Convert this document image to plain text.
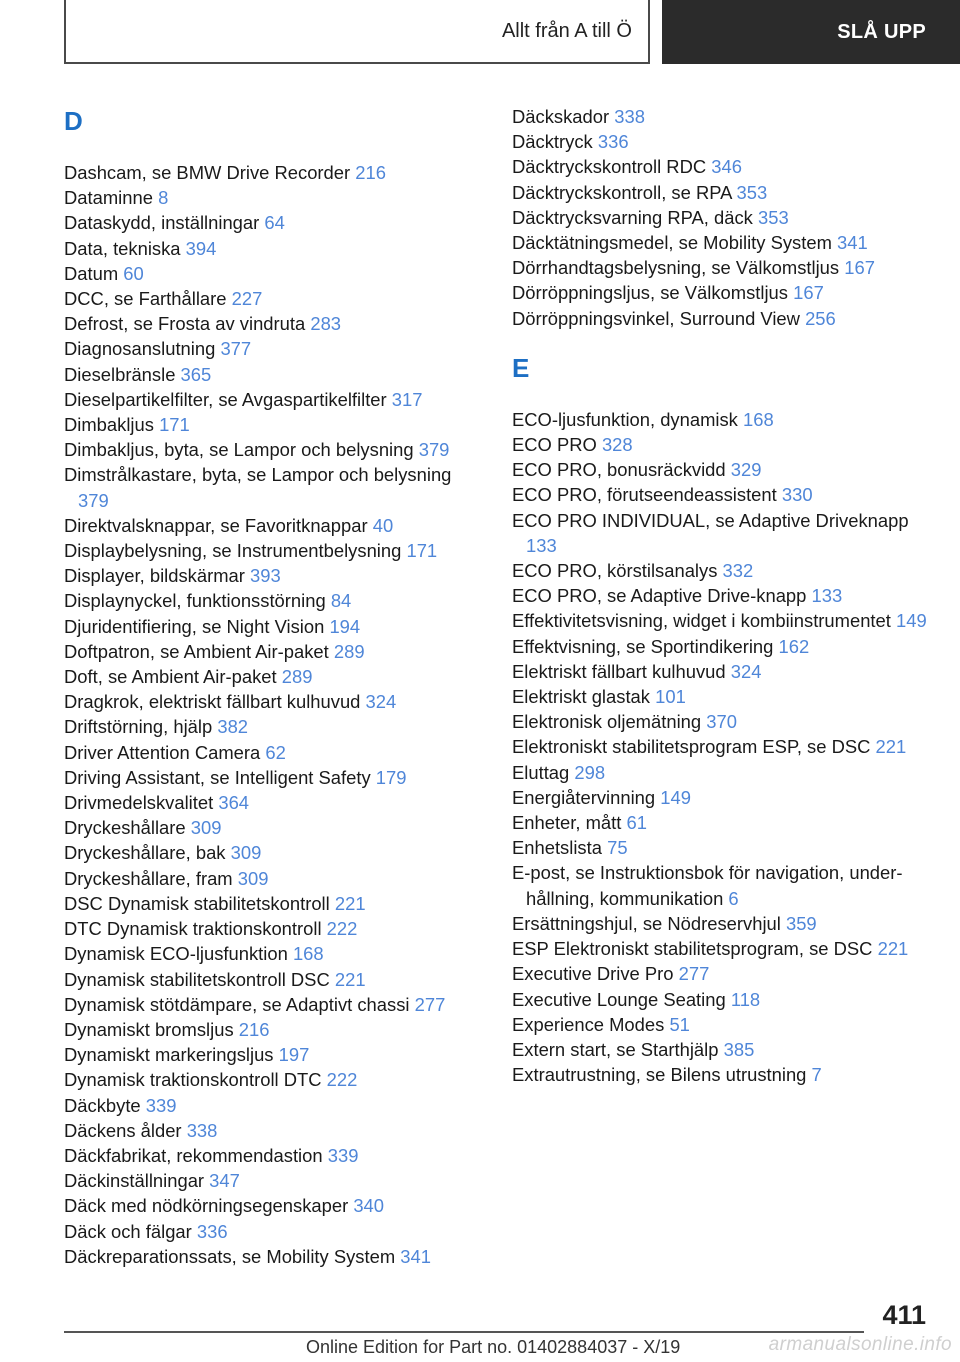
Allt från A till Ö	SLÅ UPP
D
Dashcam, se BMW Drive Recorder 216
Dataminne 8
Dataskydd, inställningar 64
Data, tekniska 394
Datum 60
DCC, se Farthållare 227
Defrost, se Frosta av vindruta 283
Diagnosanslutning 377
Dieselbränsle 365
Dieselpartikelfilter, se Avgaspartikelfilter 317
Dimbakljus 171
Dimbakljus, byta, se Lampor och belysning 379
Dimstrålkastare, byta, se Lampor och belysning 379
Direktvalsknappar, se Favoritknappar 40
Displaybelysning, se Instrumentbelysning 171
Displayer, bildskärmar 393
Displaynyckel, funktionsstörning 84
Djuridentifiering, se Night Vision 194
Doftpatron, se Ambient Air-paket 289
Doft, se Ambient Air-paket 289
Dragkrok, elektriskt fällbart kulhuvud 324
Driftstörning, hjälp 382
Driver Attention Camera 62
Driving Assistant, se Intelligent Safety 179
Drivmedelskvalitet 364
Dryckeshållare 309
Dryckeshållare, bak 309
Dryckeshållare, fram 309
DSC Dynamisk stabilitetskontroll 221
DTC Dynamisk traktionskontroll 222
Dynamisk ECO-ljusfunktion 168
Dynamisk stabilitetskontroll DSC 221
Dynamisk stötdämpare, se Adaptivt chassi 277
Dynamiskt bromsljus 216
Dynamiskt markeringsljus 197
Dynamisk traktionskontroll DTC 222
Däckbyte 339
Däckens ålder 338
Däckfabrikat, rekommendastion 339
Däckinställningar 347
Däck med nödkörningsegenskaper 340
Däck och fälgar 336
Däckreparationssats, se Mobility System 341
Däckskador 338
Däcktryck 336
Däcktryckskontroll RDC 346
Däcktryckskontroll, se RPA 353
Däcktrycksvarning RPA, däck 353
Däcktätningsmedel, se Mobility System 341
Dörrhandtagsbelysning, se Välkomstljus 167
Dörröppningsljus, se Välkomstljus 167
Dörröppningsvinkel, Surround View 256
E
ECO-ljusfunktion, dynamisk 168
ECO PRO 328
ECO PRO, bonusräckvidd 329
ECO PRO, förutseendeassistent 330
ECO PRO INDIVIDUAL, se Adaptive Driveknapp 133
ECO PRO, körstilsanalys 332
ECO PRO, se Adaptive Drive-knapp 133
Effektivitetsvisning, widget i kombiinstrumentet 149
Effektvisning, se Sportindikering 162
Elektriskt fällbart kulhuvud 324
Elektriskt glastak 101
Elektronisk oljemätning 370
Elektroniskt stabilitetsprogram ESP, se DSC 221
Eluttag 298
Energiåtervinning 149
Enheter, mått 61
Enhetslista 75
E-post, se Instruktionsbok för navigation, underhållning, kommunikation 6
Ersättningshjul, se Nödreservhjul 359
ESP Elektroniskt stabilitetsprogram, se DSC 221
Executive Drive Pro 277
Executive Lounge Seating 118
Experience Modes 51
Extern start, se Starthjälp 385
Extrautrustning, se Bilens utrustning 7
411
Online Edition for Part no. 01402884037 - X/19	armanualsonline.info
